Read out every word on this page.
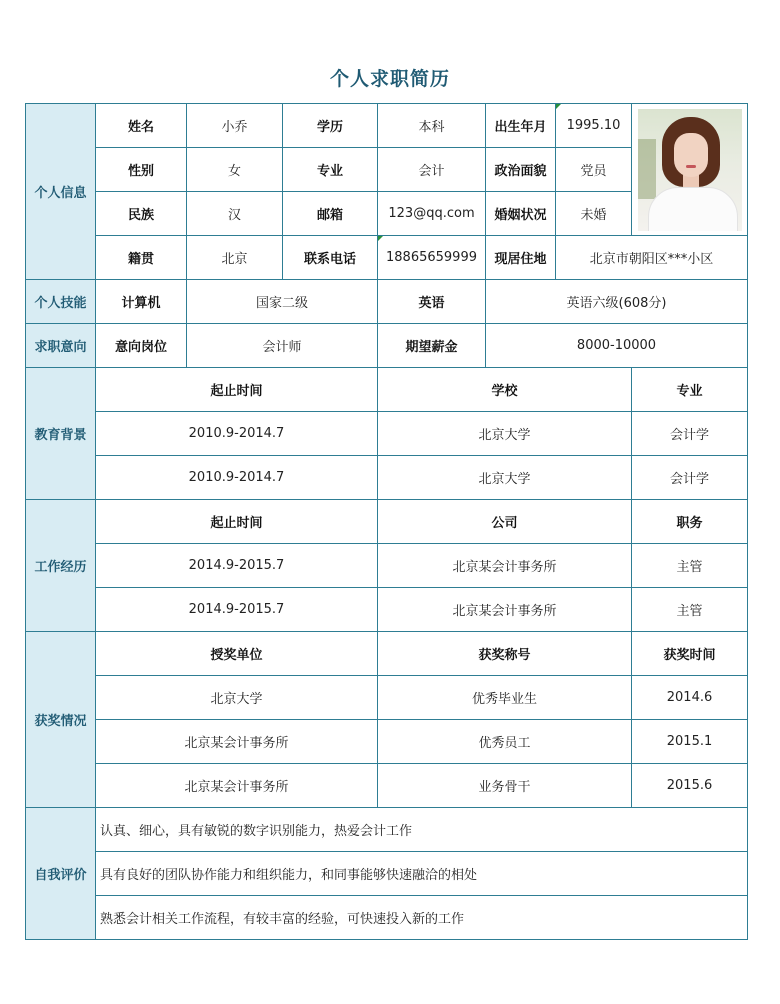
个人求职简历
个人信息	姓名	小乔	学历	本科	出生年月	1995.10	

	性别	女	专业	会计	政治面貌	党员	
	民族	汉	邮箱	123@qq.com	婚姻状况	未婚	
	籍贯	北京	联系电话	18865659999	现居住地	北京市朝阳区***小区	
个人技能	计算机	国家二级		英语	英语六级(608分)		
求职意向	意向岗位	会计师		期望薪金	8000-10000		
教育背景	起止时间			学校			专业
	2010.9-2014.7			北京大学			会计学
	2010.9-2014.7			北京大学			会计学
工作经历	起止时间			公司			职务
	2014.9-2015.7			北京某会计事务所			主管
	2014.9-2015.7			北京某会计事务所			主管
获奖情况	授奖单位			获奖称号			获奖时间
	北京大学			优秀毕业生			2014.6
	北京某会计事务所			优秀员工			2015.1
	北京某会计事务所			业务骨干			2015.6
自我评价	认真、细心，具有敏锐的数字识别能力，热爱会计工作						
	具有良好的团队协作能力和组织能力，和同事能够快速融洽的相处						
	熟悉会计相关工作流程，有较丰富的经验，可快速投入新的工作						
